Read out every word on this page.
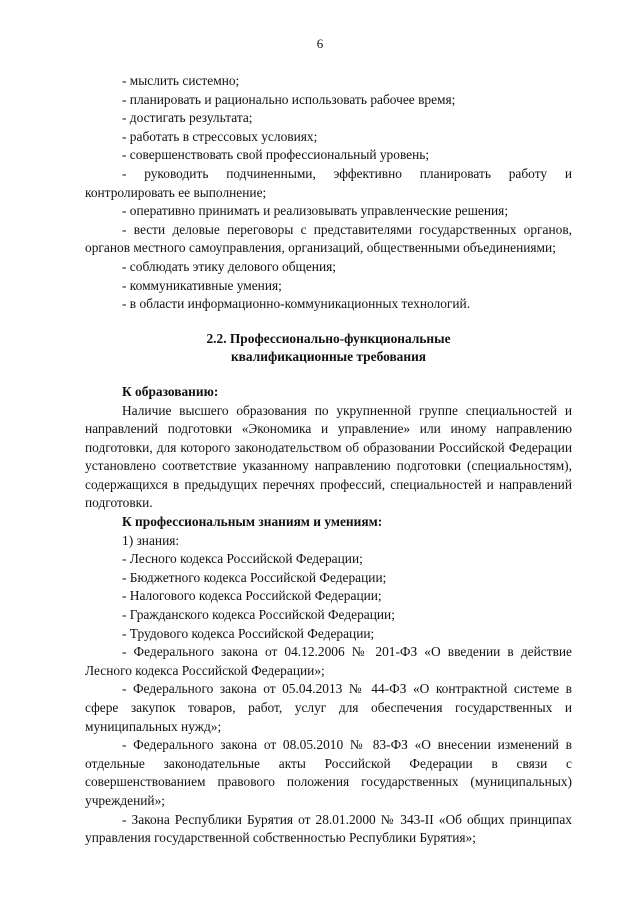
6

- мыслить системно;

- планировать и рационально использовать рабочее время;

- достигать результата;

- работать в стрессовых условиях;

- совершенствовать свой профессиональный уровень;

- руководить подчиненными, эффективно планировать работу и контролировать ее выполнение;

- оперативно принимать и реализовывать управленческие решения;

- вести деловые переговоры с представителями государственных органов, органов местного самоуправления, организаций, общественными объединениями;

- соблюдать этику делового общения;

- коммуникативные умения;

- в области информационно-коммуникационных технологий.

2.2. Профессионально-функциональные

квалификационные требования

К образованию:

Наличие высшего образования по укрупненной группе специальностей и направлений подготовки «Экономика и управление» или иному направлению подготовки, для которого законодательством об образовании Российской Федерации установлено соответствие указанному направлению подготовки (специальностям), содержащихся в предыдущих перечнях профессий, специальностей и направлений подготовки.

К профессиональным знаниям и умениям:

1) знания:

- Лесного кодекса Российской Федерации;

- Бюджетного кодекса Российской Федерации;

- Налогового кодекса Российской Федерации;

- Гражданского кодекса Российской Федерации;

- Трудового кодекса Российской Федерации;

- Федерального закона от 04.12.2006 № 201-ФЗ «О введении в действие Лесного кодекса Российской Федерации»;

- Федерального закона от 05.04.2013 № 44-ФЗ «О контрактной системе в сфере закупок товаров, работ, услуг для обеспечения государственных и муниципальных нужд»;

- Федерального закона от 08.05.2010 № 83-ФЗ «О внесении изменений в отдельные законодательные акты Российской Федерации в связи с совершенствованием правового положения государственных (муниципальных) учреждений»;

- Закона Республики Бурятия от 28.01.2000 № 343-II «Об общих принципах управления государственной собственностью Республики Бурятия»;
